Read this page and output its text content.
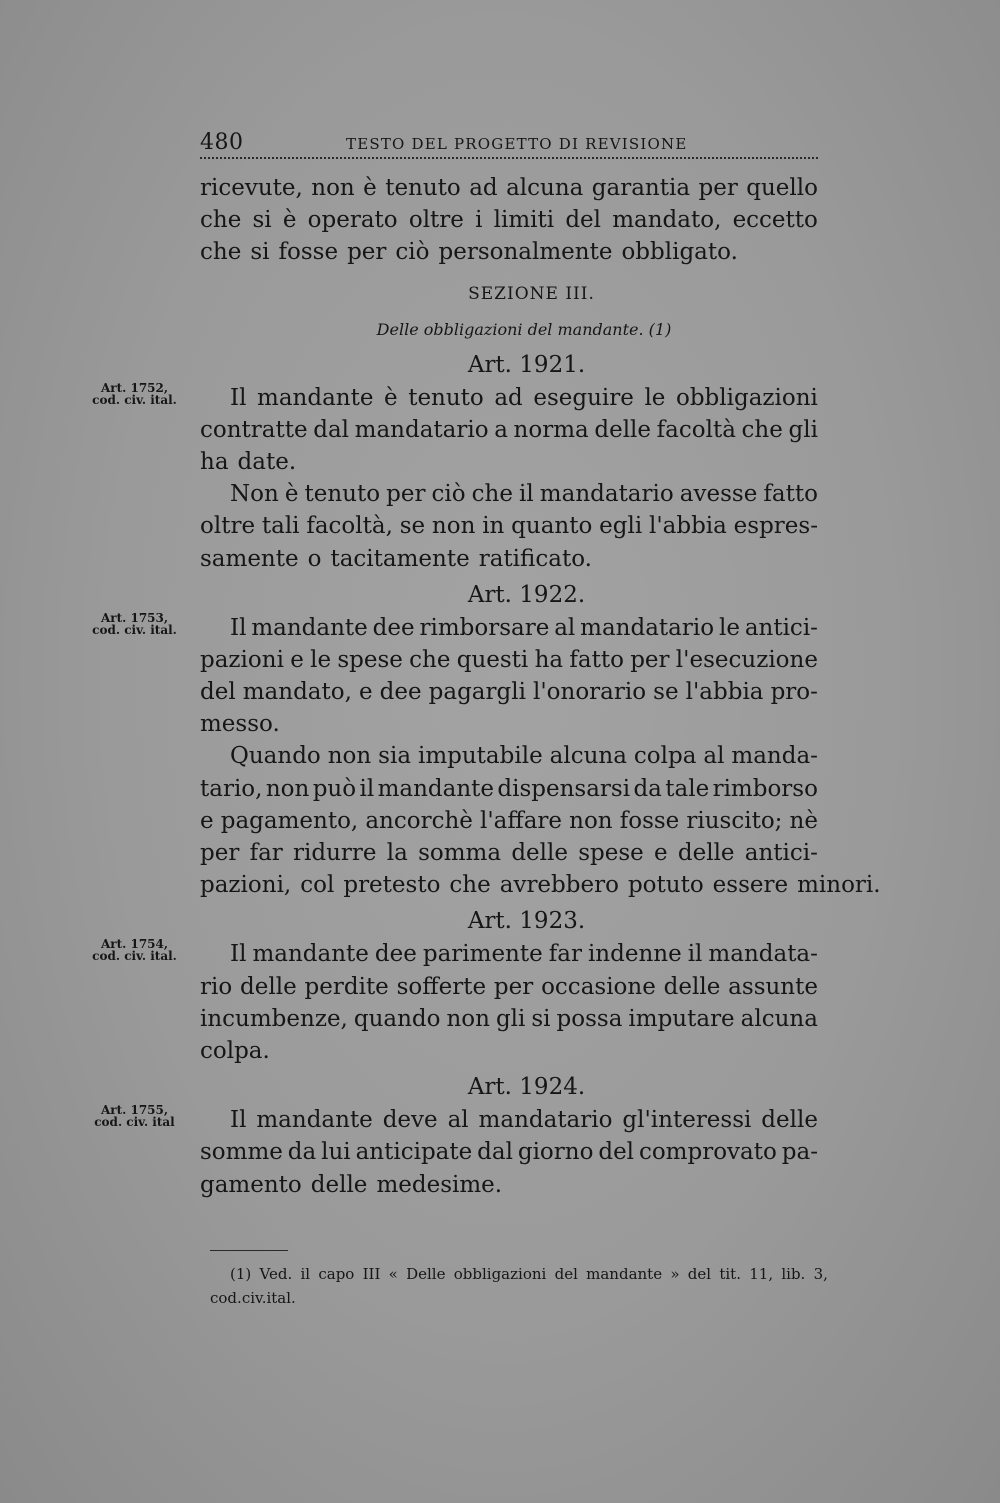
480	TESTO DEL PROGETTO DI REVISIONE
ricevute, non è tenuto ad alcuna garantia per quello
che si è operato oltre i limiti del mandato, eccetto
che si fosse per ciò personalmente obbligato.
SEZIONE III.
Delle obbligazioni del mandante. (1)
Art. 1921.
Il mandante è tenuto ad eseguire le obbligazioni
contratte dal mandatario a norma delle facoltà che gli
ha date.
Non è tenuto per ciò che il mandatario avesse fatto
oltre tali facoltà, se non in quanto egli l'abbia espres-
samente o tacitamente ratificato.
Art. 1922.
Il mandante dee rimborsare al mandatario le antici-
pazioni e le spese che questi ha fatto per l'esecuzione
del mandato, e dee pagargli l'onorario se l'abbia pro-
messo.
Quando non sia imputabile alcuna colpa al manda-
tario, non può il mandante dispensarsi da tale rimborso
e pagamento, ancorchè l'affare non fosse riuscito; nè
per far ridurre la somma delle spese e delle antici-
pazioni, col pretesto che avrebbero potuto essere minori.
Art. 1923.
Il mandante dee parimente far indenne il mandata-
rio delle perdite sofferte per occasione delle assunte
incumbenze, quando non gli si possa imputare alcuna
colpa.
Art. 1924.
Il mandante deve al mandatario gl'interessi delle
somme da lui anticipate dal giorno del comprovato pa-
gamento delle medesime.
(1) Ved. il capo III « Delle obbligazioni del mandante » del tit. 11, lib. 3,
cod. civ. ital.
Art. 1752,
cod. civ. ital.
Art. 1753,
cod. civ. ital.
Art. 1754,
cod. civ. ital.
Art. 1755,
cod. civ. ital
